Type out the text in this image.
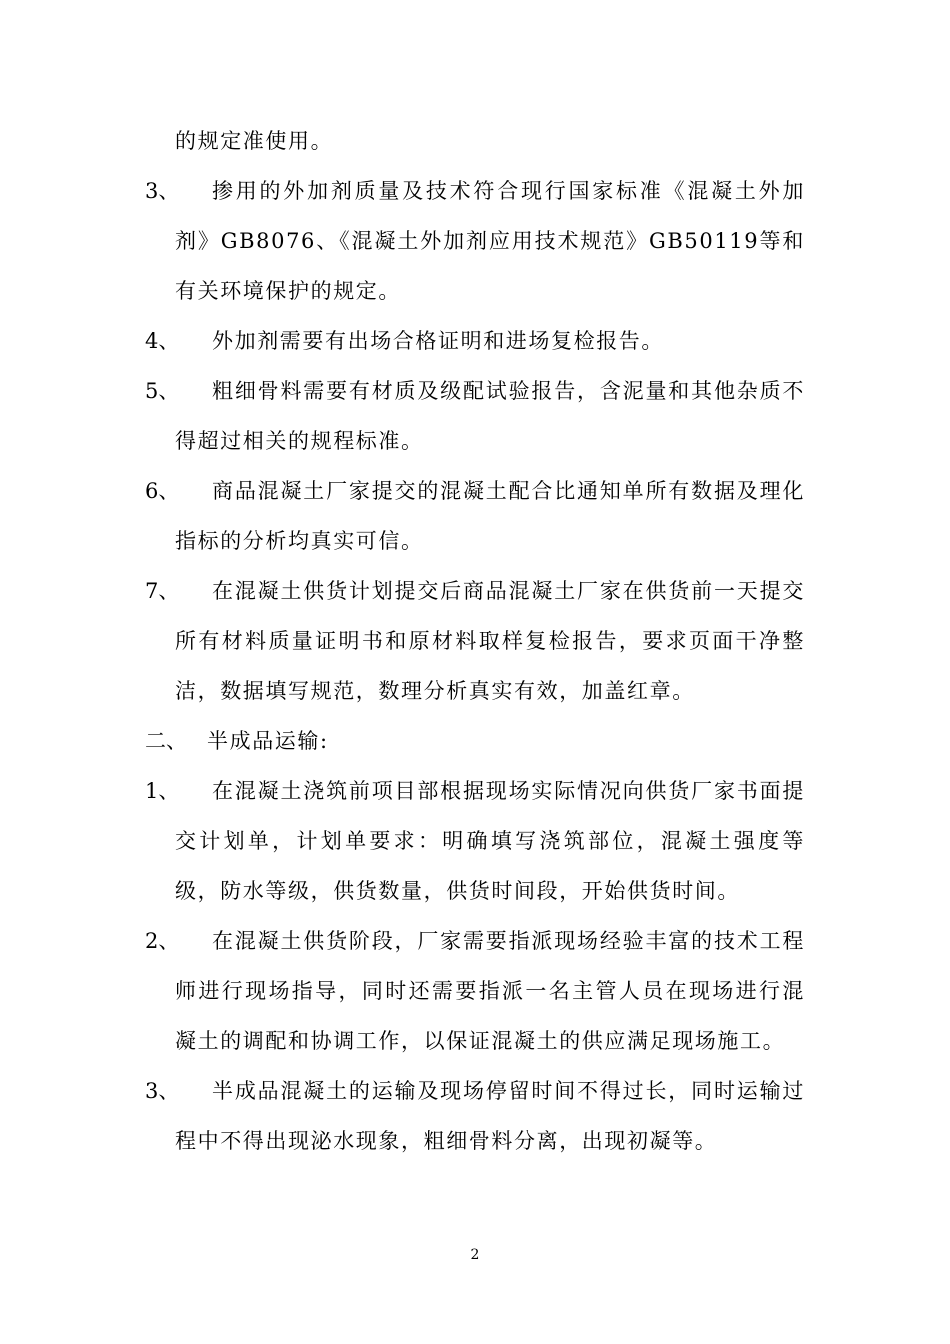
的规定准使用。

3、	掺用的外加剂质量及技术符合现行国家标准《混凝土外加剂》GB8076、《混凝土外加剂应用技术规范》GB50119等和有关环境保护的规定。

4、	外加剂需要有出场合格证明和进场复检报告。

5、	粗细骨料需要有材质及级配试验报告，含泥量和其他杂质不得超过相关的规程标准。

6、	商品混凝土厂家提交的混凝土配合比通知单所有数据及理化指标的分析均真实可信。

7、	在混凝土供货计划提交后商品混凝土厂家在供货前一天提交所有材料质量证明书和原材料取样复检报告，要求页面干净整洁，数据填写规范，数理分析真实有效，加盖红章。

二、 半成品运输:

1、	在混凝土浇筑前项目部根据现场实际情况向供货厂家书面提交计划单，计划单要求：明确填写浇筑部位，混凝土强度等级，防水等级，供货数量，供货时间段，开始供货时间。

2、	在混凝土供货阶段，厂家需要指派现场经验丰富的技术工程师进行现场指导，同时还需要指派一名主管人员在现场进行混凝土的调配和协调工作，以保证混凝土的供应满足现场施工。

3、	半成品混凝土的运输及现场停留时间不得过长，同时运输过程中不得出现泌水现象，粗细骨料分离，出现初凝等。

2
